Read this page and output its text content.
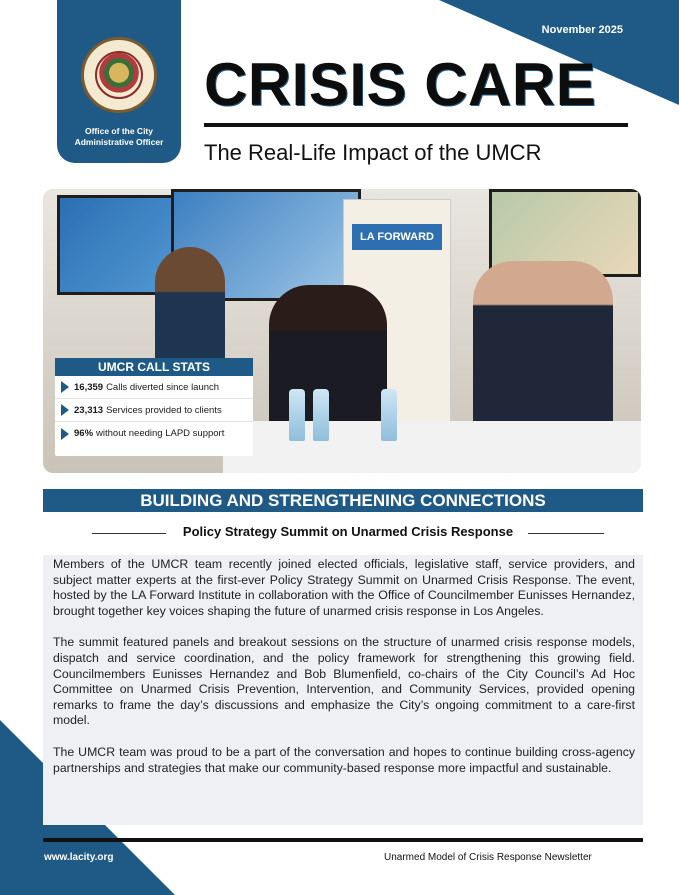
Office of the City Administrative Officer
November 2025
CRISIS CARE
The Real-Life Impact of the UMCR
LA FORWARD
UMCR CALL STATS
16,359 Calls diverted since launch
23,313 Services provided to clients
96% without needing LAPD support
BUILDING AND STRENGTHENING CONNECTIONS
Policy Strategy Summit on Unarmed Crisis Response

Members of the UMCR team recently joined elected officials, legislative staff, service providers, and subject matter experts at the first-ever Policy Strategy Summit on Unarmed Crisis Response. The event, hosted by the LA Forward Institute in collaboration with the Office of Councilmember Eunisses Hernandez, brought together key voices shaping the future of unarmed crisis response in Los Angeles.

The summit featured panels and breakout sessions on the structure of unarmed crisis response models, dispatch and service coordination, and the policy framework for strengthening this growing field. Councilmembers Eunisses Hernandez and Bob Blumenfield, co-chairs of the City Council’s Ad Hoc Committee on Unarmed Crisis Prevention, Intervention, and Community Services, provided opening remarks to frame the day’s discussions and emphasize the City’s ongoing commitment to a care-first model.

The UMCR team was proud to be a part of the conversation and hopes to continue building cross-agency partnerships and strategies that make our community-based response more impactful and sustainable.

www.lacity.org	Unarmed Model of Crisis Response Newsletter
